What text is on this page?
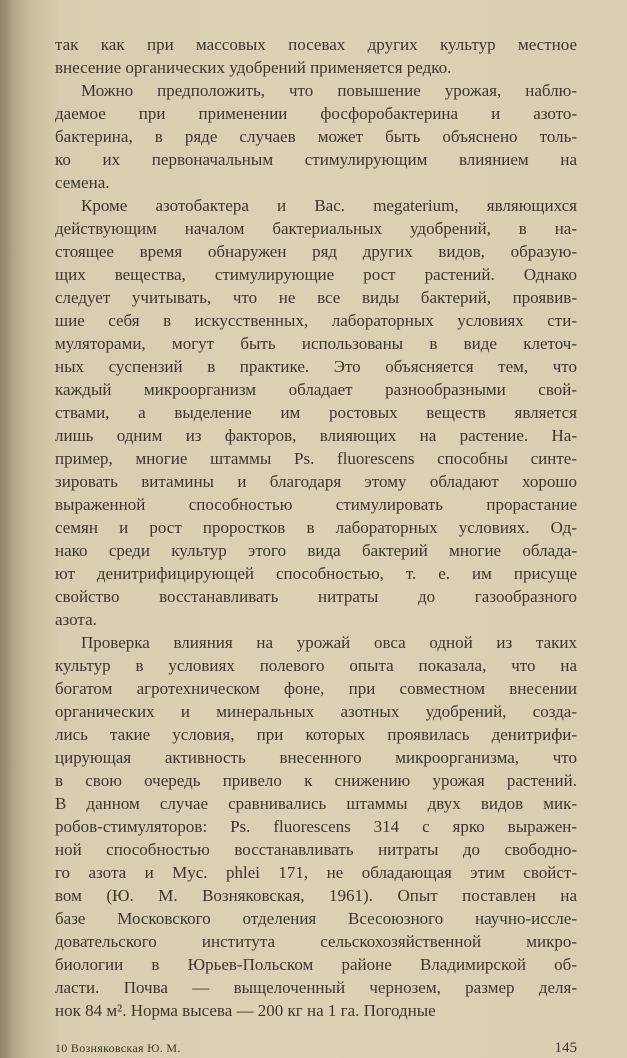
так как при массовых посевах других культур местное
внесение органических удобрений применяется редко.
Можно предположить, что повышение урожая, наблю-
даемое при применении фосфоробактерина и азото-
бактерина, в ряде случаев может быть объяснено толь-
ко их первоначальным стимулирующим влиянием на
семена.
Кроме азотобактера и Bac. megaterium, являющихся
действующим началом бактериальных удобрений, в на-
стоящее время обнаружен ряд других видов, образую-
щих вещества, стимулирующие рост растений. Однако
следует учитывать, что не все виды бактерий, проявив-
шие себя в искусственных, лабораторных условиях сти-
муляторами, могут быть использованы в виде клеточ-
ных суспензий в практике. Это объясняется тем, что
каждый микроорганизм обладает разнообразными свой-
ствами, а выделение им ростовых веществ является
лишь одним из факторов, влияющих на растение. На-
пример, многие штаммы Ps. fluorescens способны синте-
зировать витамины и благодаря этому обладают хорошо
выраженной способностью стимулировать прорастание
семян и рост проростков в лабораторных условиях. Од-
нако среди культур этого вида бактерий многие облада-
ют денитрифицирующей способностью, т. е. им присуще
свойство восстанавливать нитраты до газообразного
азота.
Проверка влияния на урожай овса одной из таких
культур в условиях полевого опыта показала, что на
богатом агротехническом фоне, при совместном внесении
органических и минеральных азотных удобрений, созда-
лись такие условия, при которых проявилась денитрифи-
цирующая активность внесенного микроорганизма, что
в свою очередь привело к снижению урожая растений.
В данном случае сравнивались штаммы двух видов мик-
робов-стимуляторов: Ps. fluorescens 314 с ярко выражен-
ной способностью восстанавливать нитраты до свободно-
го азота и Myc. phlei 171, не обладающая этим свойст-
вом (Ю. М. Возняковская, 1961). Опыт поставлен на
базе Московского отделения Всесоюзного научно-иссле-
довательского института сельскохозяйственной микро-
биологии в Юрьев-Польском районе Владимирской об-
ласти. Почва — выщелоченный чернозем, размер деля-
нок 84 м². Норма высева — 200 кг на 1 га. Погодные
10 Возняковская Ю. М.	145
